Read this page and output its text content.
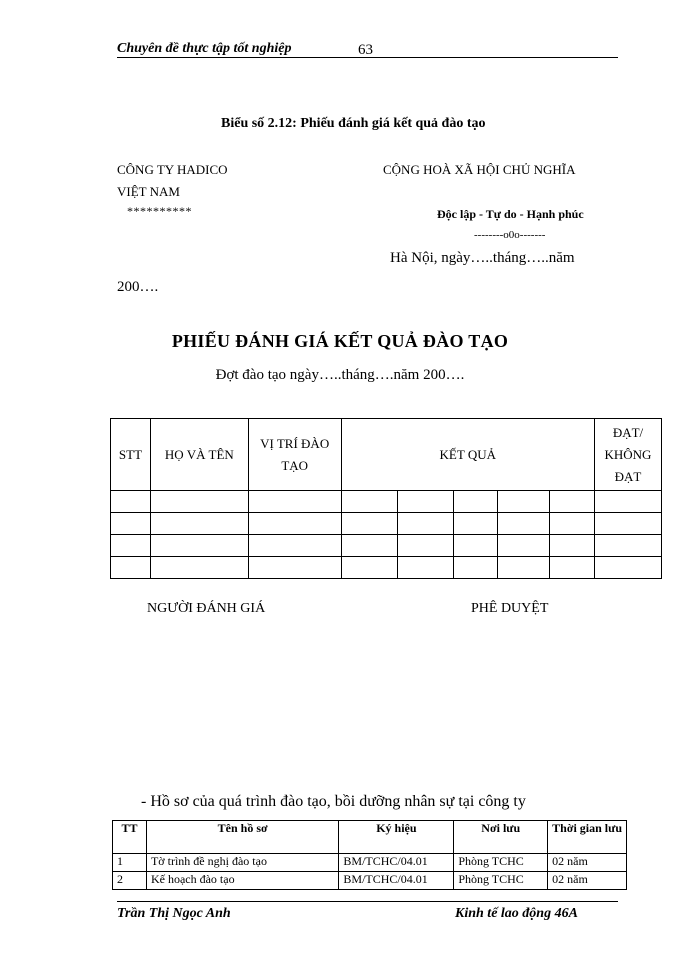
Chuyên đề thực tập tốt nghiệp	63
Biểu số 2.12: Phiếu đánh giá kết quả đào tạo
CÔNG TY HADICO	CỘNG HOÀ XÃ HỘI CHỦ NGHĨA
VIỆT NAM
**********	Độc lập - Tự do - Hạnh phúc
--------o0o-------
Hà Nội, ngày…..tháng…..năm
200….
PHIẾU ĐÁNH GIÁ KẾT QUẢ ĐÀO TẠO
Đợt đào tạo ngày…..tháng….năm 200….
STT	HỌ VÀ TÊN	VỊ TRÍ ĐÀO TẠO	KẾT QUẢ					ĐẠT/ KHÔNG ĐẠT

NGƯỜI ĐÁNH GIÁ	PHÊ DUYỆT
- Hồ sơ của quá trình đào tạo, bồi dưỡng nhân sự tại công ty
TT	Tên hồ sơ	Ký hiệu	Nơi lưu	Thời gian lưu
1	Tờ trình đề nghị đào tạo	BM/TCHC/04.01	Phòng TCHC	02 năm
2	Kế hoạch đào tạo	BM/TCHC/04.01	Phòng TCHC	02 năm
Trần Thị Ngọc Anh	Kinh tế lao động 46A
